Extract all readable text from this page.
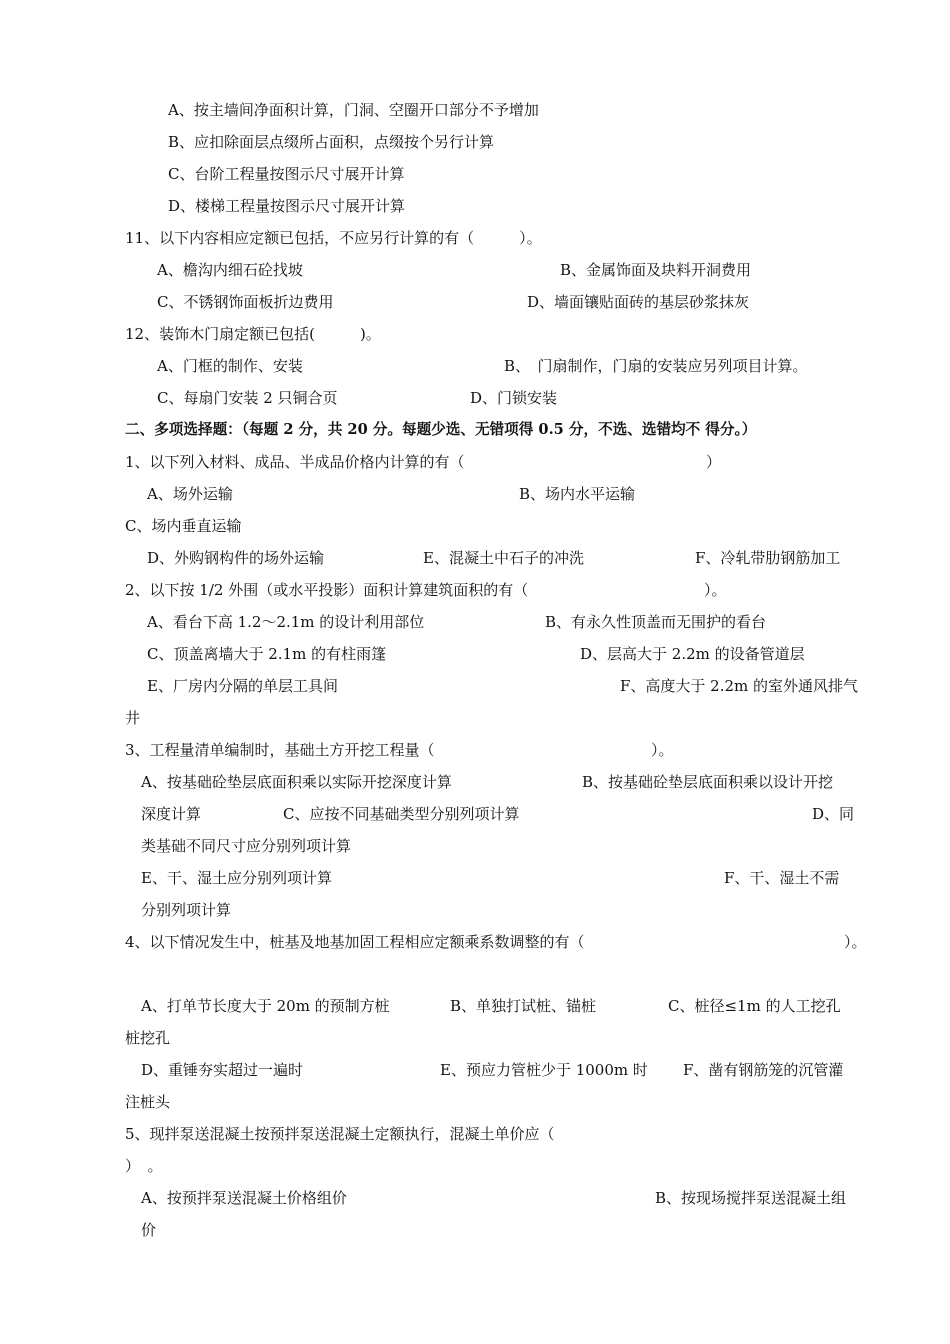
A、按主墙间净面积计算，门洞、空圈开口部分不予增加
B、应扣除面层点缀所占面积，点缀按个另行计算
C、台阶工程量按图示尺寸展开计算
D、楼梯工程量按图示尺寸展开计算
11、以下内容相应定额已包括，不应另行计算的有（　　　）。
A、檐沟内细石砼找坡	B、金属饰面及块料开洞费用
C、不锈钢饰面板折边费用	D、墙面镶贴面砖的基层砂浆抹灰
12、装饰木门扇定额已包括(　　　)。
A、门框的制作、安装	B、　门扇制作，门扇的安装应另列项目计算。
C、每扇门安装 2 只铜合页	D、门锁安装
二、多项选择题：（每题 2 分，共 20 分。每题少选、无错项得 0.5 分，不选、选错均不 得分。）
1、以下列入材料、成品、半成品价格内计算的有（	）
A、场外运输	B、场内水平运输
C、场内垂直运输
D、外购钢构件的场外运输	E、混凝土中石子的冲洗	F、冷轧带肋钢筋加工
2、以下按 1/2 外围（或水平投影）面积计算建筑面积的有（	）。
A、看台下高 1.2～2.1m 的设计利用部位	B、有永久性顶盖而无围护的看台
C、顶盖离墙大于 2.1m 的有柱雨篷	D、层高大于 2.2m 的设备管道层
E、厂房内分隔的单层工具间	F、高度大于 2.2m 的室外通风排气
井
3、工程量清单编制时，基础土方开挖工程量（	）。
A、按基础砼垫层底面积乘以实际开挖深度计算	B、按基础砼垫层底面积乘以设计开挖
深度计算	C、应按不同基础类型分别列项计算	D、同
类基础不同尺寸应分别列项计算
E、干、湿土应分别列项计算	F、干、湿土不需
分别列项计算
4、以下情况发生中，桩基及地基加固工程相应定额乘系数调整的有（	）。
A、打单节长度大于 20m 的预制方桩	B、单独打试桩、锚桩	C、桩径≤1m 的人工挖孔
桩挖孔
D、重锤夯实超过一遍时	E、预应力管桩少于 1000m 时 F、凿有钢筋笼的沉管灌
注桩头
5、现拌泵送混凝土按预拌泵送混凝土定额执行，混凝土单价应（
）　。
A、按预拌泵送混凝土价格组价	B、按现场搅拌泵送混凝土组
价
